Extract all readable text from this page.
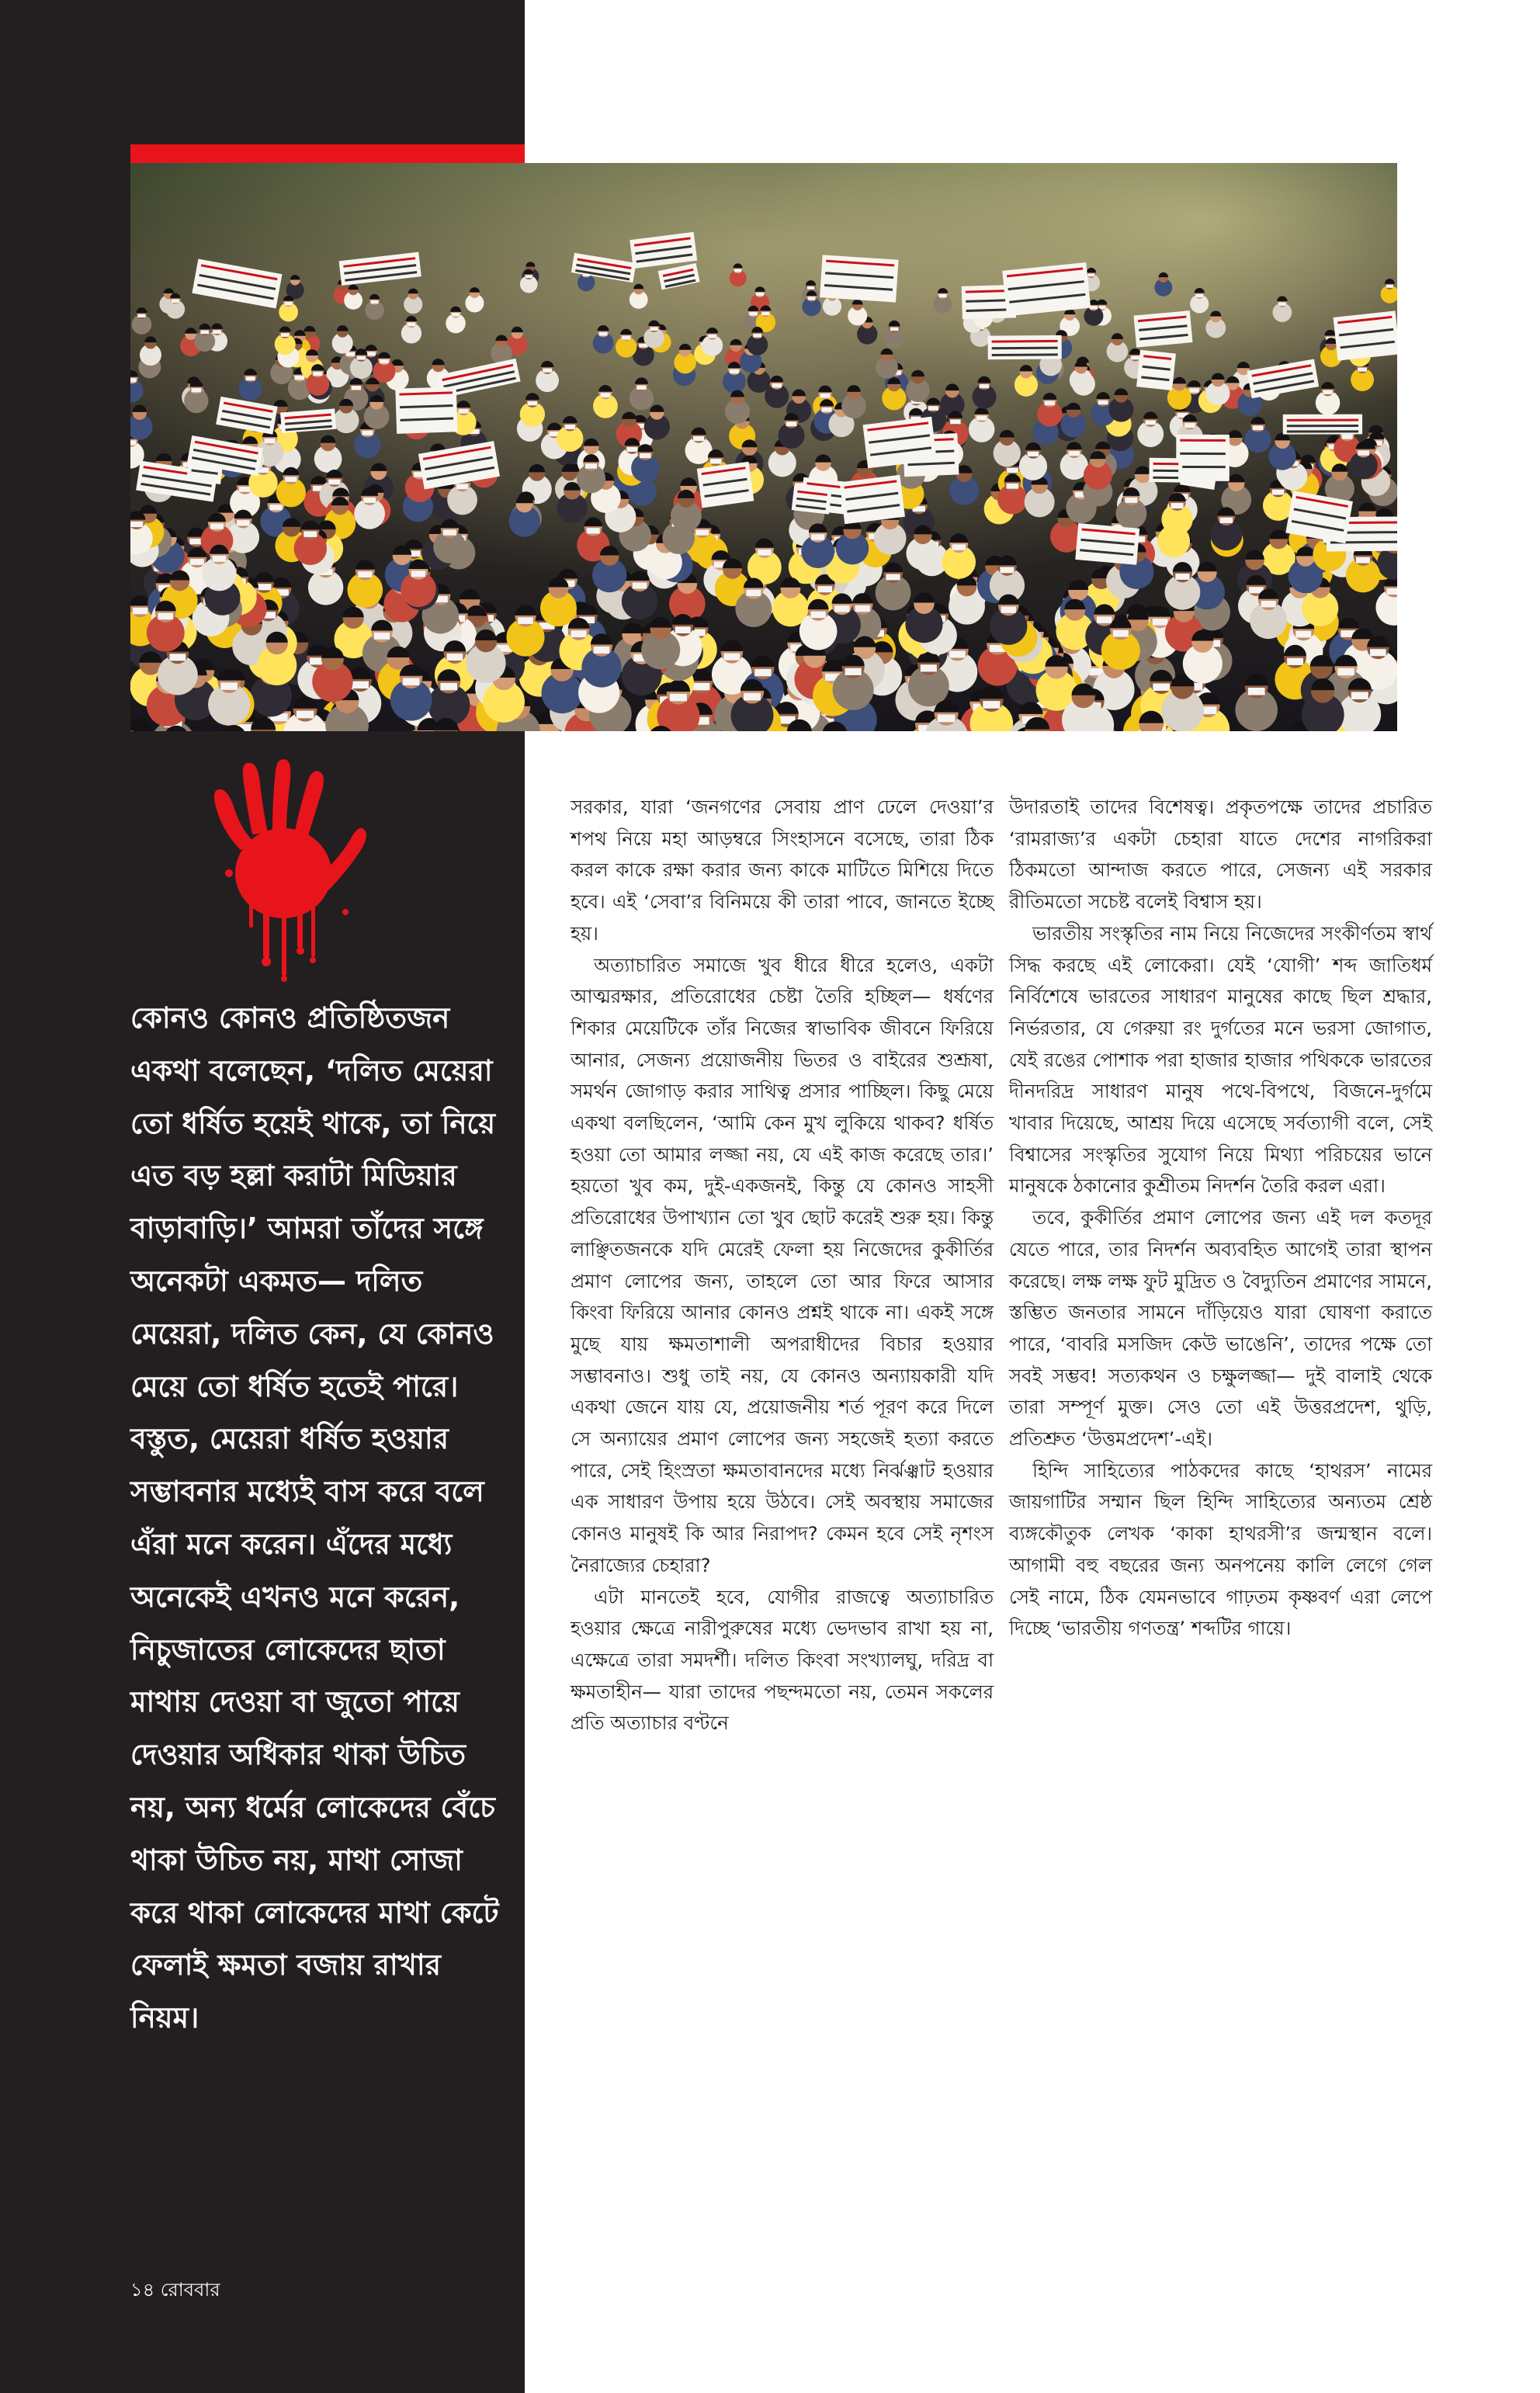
কোনও কোনও প্রতিষ্ঠিতজন একথা বলেছেন, ‘দলিত মেয়েরা তো ধর্ষিত হয়েই থাকে, তা নিয়ে এত বড় হল্লা করাটা মিডিয়ার বাড়াবাড়ি।’ আমরা তাঁদের সঙ্গে অনেকটা একমত— দলিত মেয়েরা, দলিত কেন, যে কোনও মেয়ে তো ধর্ষিত হতেই পারে। বস্তুত, মেয়েরা ধর্ষিত হওয়ার সম্ভাবনার মধ্যেই বাস করে বলে এঁরা মনে করেন। এঁদের মধ্যে অনেকেই এখনও মনে করেন, নিচুজাতের লোকেদের ছাতা মাথায় দেওয়া বা জুতো পায়ে দেওয়ার অধিকার থাকা উচিত নয়, অন্য ধর্মের লোকেদের বেঁচে থাকা উচিত নয়, মাথা সোজা করে থাকা লোকেদের মাথা কেটে ফেলাই ক্ষমতা বজায় রাখার নিয়ম।

১৪ রোববার

সরকার, যারা ‘জনগণের সেবায় প্রাণ ঢেলে দেওয়া’র শপথ নিয়ে মহা আড়ম্বরে সিংহাসনে বসেছে, তারা ঠিক করল কাকে রক্ষা করার জন্য কাকে মাটিতে মিশিয়ে দিতে হবে। এই ‘সেবা’র বিনিময়ে কী তারা পাবে, জানতে ইচ্ছে হয়।

অত্যাচারিত সমাজে খুব ধীরে ধীরে হলেও, একটা আত্মরক্ষার, প্রতিরোধের চেষ্টা তৈরি হচ্ছিল— ধর্ষণের শিকার মেয়েটিকে তাঁর নিজের স্বাভাবিক জীবনে ফিরিয়ে আনার, সেজন্য প্রয়োজনীয় ভিতর ও বাইরের শুশ্রূষা, সমর্থন জোগাড় করার সাথিত্ব প্রসার পাচ্ছিল। কিছু মেয়ে একথা বলছিলেন, ‘আমি কেন মুখ লুকিয়ে থাকব? ধর্ষিত হওয়া তো আমার লজ্জা নয়, যে এই কাজ করেছে তার।’ হয়তো খুব কম, দুই-একজনই, কিন্তু যে কোনও সাহসী প্রতিরোধের উপাখ্যান তো খুব ছোট করেই শুরু হয়। কিন্তু লাঞ্ছিতজনকে যদি মেরেই ফেলা হয় নিজেদের কুকীর্তির প্রমাণ লোপের জন্য, তাহলে তো আর ফিরে আসার কিংবা ফিরিয়ে আনার কোনও প্রশ্নই থাকে না। একই সঙ্গে মুছে যায় ক্ষমতাশালী অপরাধীদের বিচার হওয়ার সম্ভাবনাও। শুধু তাই নয়, যে কোনও অন্যায়কারী যদি একথা জেনে যায় যে, প্রয়োজনীয় শর্ত পূরণ করে দিলে সে অন্যায়ের প্রমাণ লোপের জন্য সহজেই হত্যা করতে পারে, সেই হিংস্রতা ক্ষমতাবানদের মধ্যে নির্ঝঞ্ঝাট হওয়ার এক সাধারণ উপায় হয়ে উঠবে। সেই অবস্থায় সমাজের কোনও মানুষই কি আর নিরাপদ? কেমন হবে সেই নৃশংস নৈরাজ্যের চেহারা?

এটা মানতেই হবে, যোগীর রাজত্বে অত্যাচারিত হওয়ার ক্ষেত্রে নারীপুরুষের মধ্যে ভেদভাব রাখা হয় না, এক্ষেত্রে তারা সমদর্শী। দলিত কিংবা সংখ্যালঘু, দরিদ্র বা ক্ষমতাহীন— যারা তাদের পছন্দমতো নয়, তেমন সকলের প্রতি অত্যাচার বণ্টনে

উদারতাই তাদের বিশেষত্ব। প্রকৃতপক্ষে তাদের প্রচারিত ‘রামরাজ্য’র একটা চেহারা যাতে দেশের নাগরিকরা ঠিকমতো আন্দাজ করতে পারে, সেজন্য এই সরকার রীতিমতো সচেষ্ট বলেই বিশ্বাস হয়।

ভারতীয় সংস্কৃতির নাম নিয়ে নিজেদের সংকীর্ণতম স্বার্থ সিদ্ধ করছে এই লোকেরা। যেই ‘যোগী’ শব্দ জাতিধর্ম নির্বিশেষে ভারতের সাধারণ মানুষের কাছে ছিল শ্রদ্ধার, নির্ভরতার, যে গেরুয়া রং দুর্গতের মনে ভরসা জোগাত, যেই রঙের পোশাক পরা হাজার হাজার পথিককে ভারতের দীনদরিদ্র সাধারণ মানুষ পথে-বিপথে, বিজনে-দুর্গমে খাবার দিয়েছে, আশ্রয় দিয়ে এসেছে সর্বত্যাগী বলে, সেই বিশ্বাসের সংস্কৃতির সুযোগ নিয়ে মিথ্যা পরিচয়ের ভানে মানুষকে ঠকানোর কুশ্রীতম নিদর্শন তৈরি করল এরা।

তবে, কুকীর্তির প্রমাণ লোপের জন্য এই দল কতদূর যেতে পারে, তার নিদর্শন অব্যবহিত আগেই তারা স্থাপন করেছে। লক্ষ লক্ষ ফুট মুদ্রিত ও বৈদ্যুতিন প্রমাণের সামনে, স্তম্ভিত জনতার সামনে দাঁড়িয়েও যারা ঘোষণা করাতে পারে, ‘বাবরি মসজিদ কেউ ভাঙেনি’, তাদের পক্ষে তো সবই সম্ভব! সত্যকথন ও চক্ষুলজ্জা— দুই বালাই থেকে তারা সম্পূর্ণ মুক্ত। সেও তো এই উত্তরপ্রদেশ, থুড়ি, প্রতিশ্রুত ‘উত্তমপ্রদেশ’-এই।

হিন্দি সাহিত্যের পাঠকদের কাছে ‘হাথরস’ নামের জায়গাটির সম্মান ছিল হিন্দি সাহিত্যের অন্যতম শ্রেষ্ঠ ব্যঙ্গকৌতুক লেখক ‘কাকা হাথরসী’র জন্মস্থান বলে। আগামী বহু বছরের জন্য অনপনেয় কালি লেগে গেল সেই নামে, ঠিক যেমনভাবে গাঢ়তম কৃষ্ণবর্ণ এরা লেপে দিচ্ছে ‘ভারতীয় গণতন্ত্র’ শব্দটির গায়ে।
